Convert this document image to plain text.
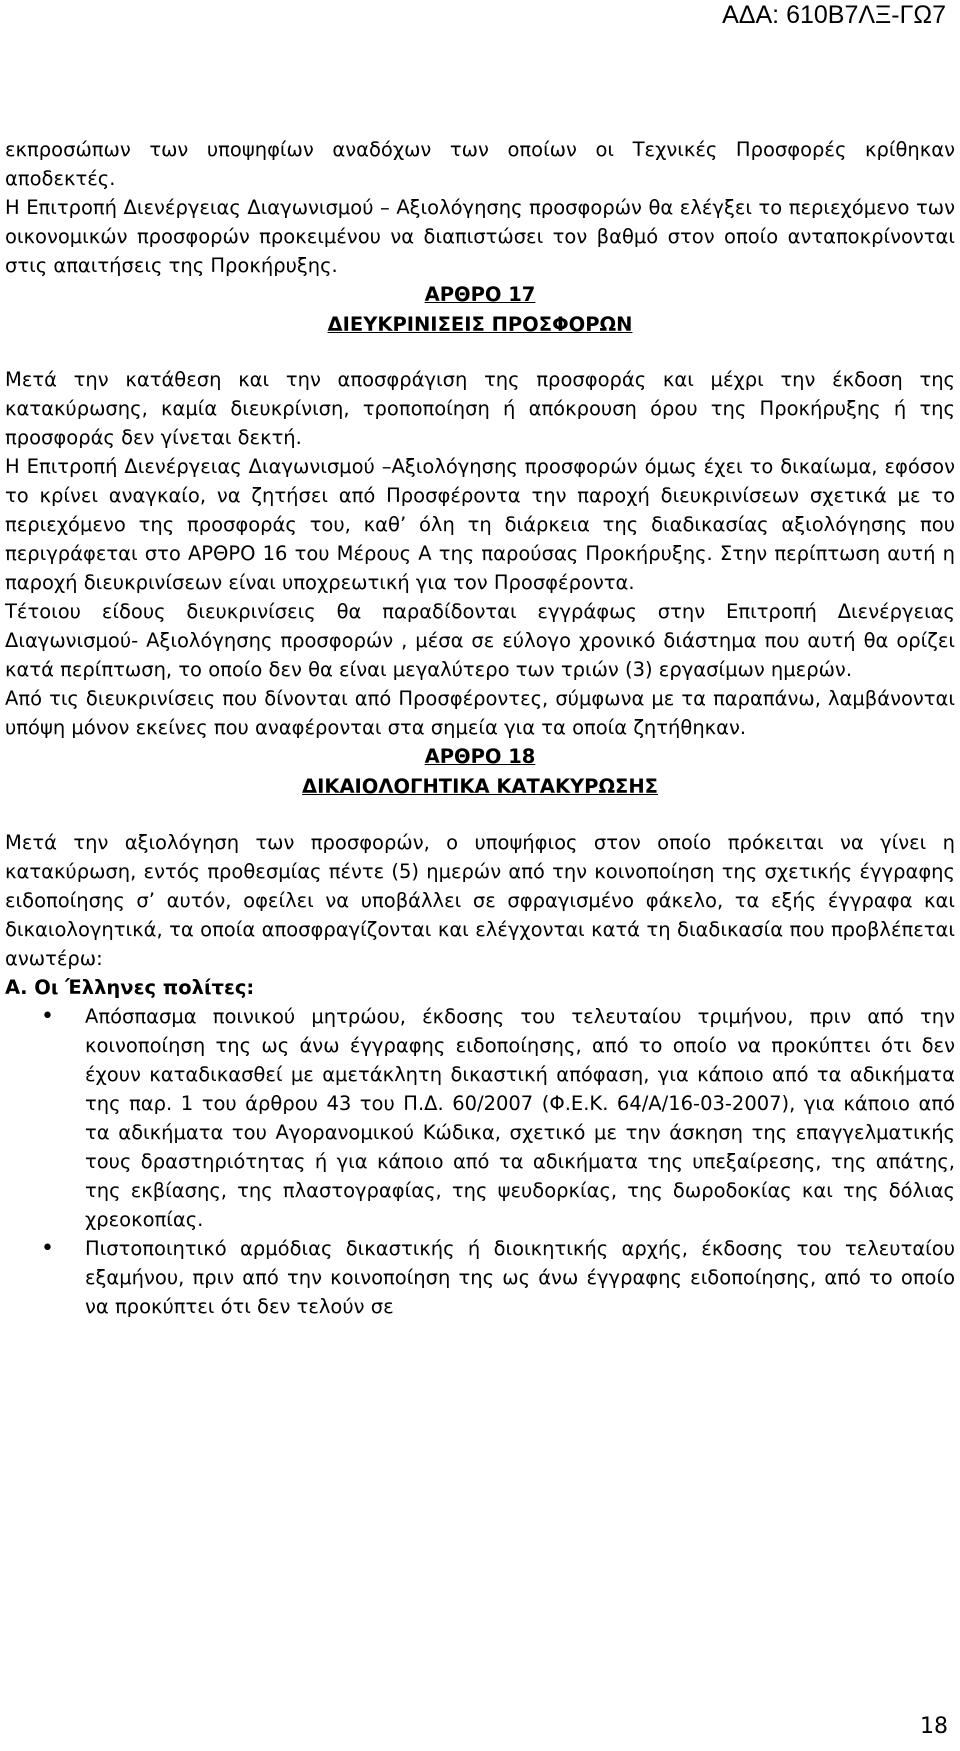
ΑΔΑ: 610Β7ΛΞ-ΓΩ7

εκπροσώπων των υποψηφίων αναδόχων των οποίων οι Τεχνικές Προσφορές κρίθηκαν αποδεκτές.

Η Επιτροπή Διενέργειας Διαγωνισμού – Αξιολόγησης προσφορών θα ελέγξει το περιεχόμενο των οικονομικών προσφορών προκειμένου να διαπιστώσει τον βαθμό στον οποίο ανταποκρίνονται στις απαιτήσεις της Προκήρυξης.

ΑΡΘΡΟ 17

ΔΙΕΥΚΡΙΝΙΣΕΙΣ ΠΡΟΣΦΟΡΩΝ

Μετά την κατάθεση και την αποσφράγιση της προσφοράς και μέχρι την έκδοση της κατακύρωσης, καμία διευκρίνιση, τροποποίηση ή απόκρουση όρου της Προκήρυξης ή της προσφοράς δεν γίνεται δεκτή.

Η Επιτροπή Διενέργειας Διαγωνισμού –Αξιολόγησης προσφορών όμως έχει το δικαίωμα, εφόσον το κρίνει αναγκαίο, να ζητήσει από Προσφέροντα την παροχή διευκρινίσεων σχετικά με το περιεχόμενο της προσφοράς του, καθ’ όλη τη διάρκεια της διαδικασίας αξιολόγησης που περιγράφεται στο ΑΡΘΡΟ 16 του Μέρους Α της παρούσας Προκήρυξης. Στην περίπτωση αυτή η παροχή διευκρινίσεων είναι υποχρεωτική για τον Προσφέροντα.

Τέτοιου είδους διευκρινίσεις θα παραδίδονται εγγράφως στην Επιτροπή Διενέργειας Διαγωνισμού- Αξιολόγησης προσφορών , μέσα σε εύλογο χρονικό διάστημα που αυτή θα ορίζει κατά περίπτωση, το οποίο δεν θα είναι μεγαλύτερο των τριών (3) εργασίμων ημερών.

Από τις διευκρινίσεις που δίνονται από Προσφέροντες, σύμφωνα με τα παραπάνω, λαμβάνονται υπόψη μόνον εκείνες που αναφέρονται στα σημεία για τα οποία ζητήθηκαν.

ΑΡΘΡΟ 18

ΔΙΚΑΙΟΛΟΓΗΤΙΚΑ ΚΑΤΑΚΥΡΩΣΗΣ

Μετά την αξιολόγηση των προσφορών, ο υποψήφιος στον οποίο πρόκειται να γίνει η κατακύρωση, εντός προθεσμίας πέντε (5) ημερών από την κοινοποίηση της σχετικής έγγραφης ειδοποίησης σ’ αυτόν, οφείλει να υποβάλλει σε σφραγισμένο φάκελο, τα εξής έγγραφα και δικαιολογητικά, τα οποία αποσφραγίζονται και ελέγχονται κατά τη διαδικασία που προβλέπεται ανωτέρω:

Α. Οι Έλληνες πολίτες:

• Απόσπασμα ποινικού μητρώου, έκδοσης του τελευταίου τριμήνου, πριν από την κοινοποίηση της ως άνω έγγραφης ειδοποίησης, από το οποίο να προκύπτει ότι δεν έχουν καταδικασθεί με αμετάκλητη δικαστική απόφαση, για κάποιο από τα αδικήματα της παρ. 1 του άρθρου 43 του Π.Δ. 60/2007 (Φ.Ε.Κ. 64/Α/16-03-2007), για κάποιο από τα αδικήματα του Αγορανομικού Κώδικα, σχετικό με την άσκηση της επαγγελματικής τους δραστηριότητας ή για κάποιο από τα αδικήματα της υπεξαίρεσης, της απάτης, της εκβίασης, της πλαστογραφίας, της ψευδορκίας, της δωροδοκίας και της δόλιας χρεοκοπίας.
• Πιστοποιητικό αρμόδιας δικαστικής ή διοικητικής αρχής, έκδοσης του τελευταίου εξαμήνου, πριν από την κοινοποίηση της ως άνω έγγραφης ειδοποίησης, από το οποίο να προκύπτει ότι δεν τελούν σε
18
